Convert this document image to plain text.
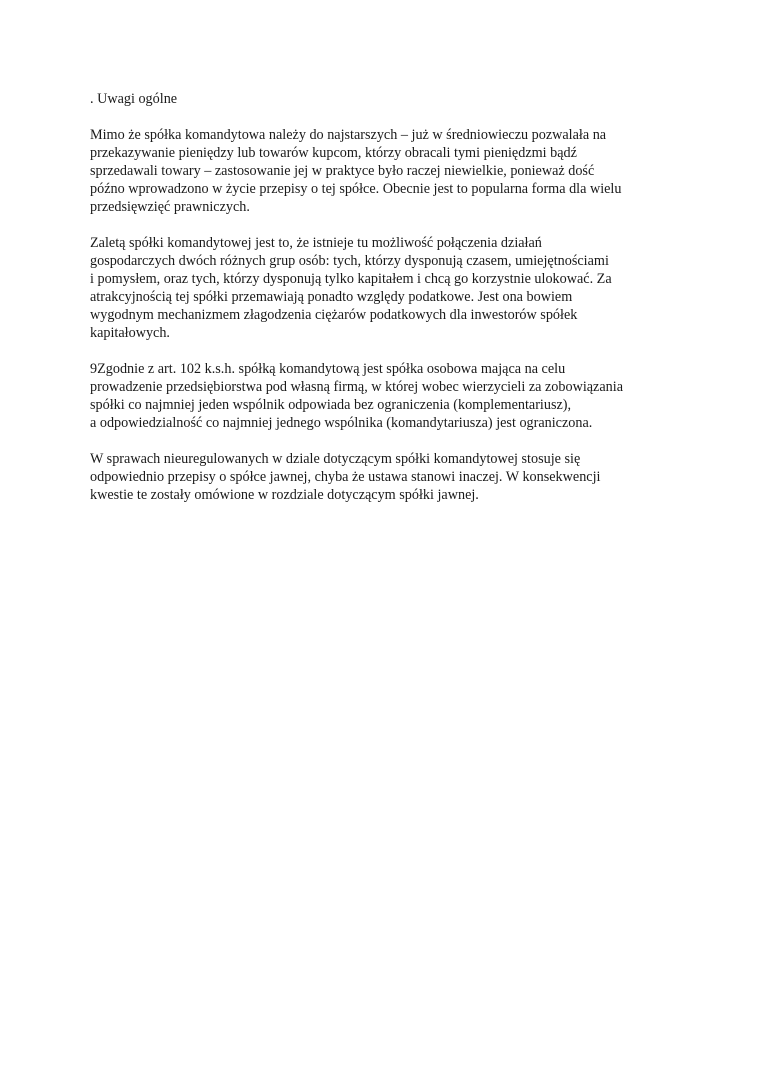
. Uwagi ogólne
Mimo że spółka komandytowa należy do najstarszych – już w średniowieczu pozwalała na
przekazywanie pieniędzy lub towarów kupcom, którzy obracali tymi pieniędzmi bądź
sprzedawali towary – zastosowanie jej w praktyce było raczej niewielkie, ponieważ dość
późno wprowadzono w życie przepisy o tej spółce. Obecnie jest to popularna forma dla wielu
przedsięwzięć prawniczych.
Zaletą spółki komandytowej jest to, że istnieje tu możliwość połączenia działań
gospodarczych dwóch różnych grup osób: tych, którzy dysponują czasem, umiejętnościami
i pomysłem, oraz tych, którzy dysponują tylko kapitałem i chcą go korzystnie ulokować. Za
atrakcyjnością tej spółki przemawiają ponadto względy podatkowe. Jest ona bowiem
wygodnym mechanizmem złagodzenia ciężarów podatkowych dla inwestorów spółek
kapitałowych.
9Zgodnie z art. 102 k.s.h. spółką komandytową jest spółka osobowa mająca na celu
prowadzenie przedsiębiorstwa pod własną firmą, w której wobec wierzycieli za zobowiązania
spółki co najmniej jeden wspólnik odpowiada bez ograniczenia (komplementariusz),
a odpowiedzialność co najmniej jednego wspólnika (komandytariusza) jest ograniczona.
W sprawach nieuregulowanych w dziale dotyczącym spółki komandytowej stosuje się
odpowiednio przepisy o spółce jawnej, chyba że ustawa stanowi inaczej. W konsekwencji
kwestie te zostały omówione w rozdziale dotyczącym spółki jawnej.
